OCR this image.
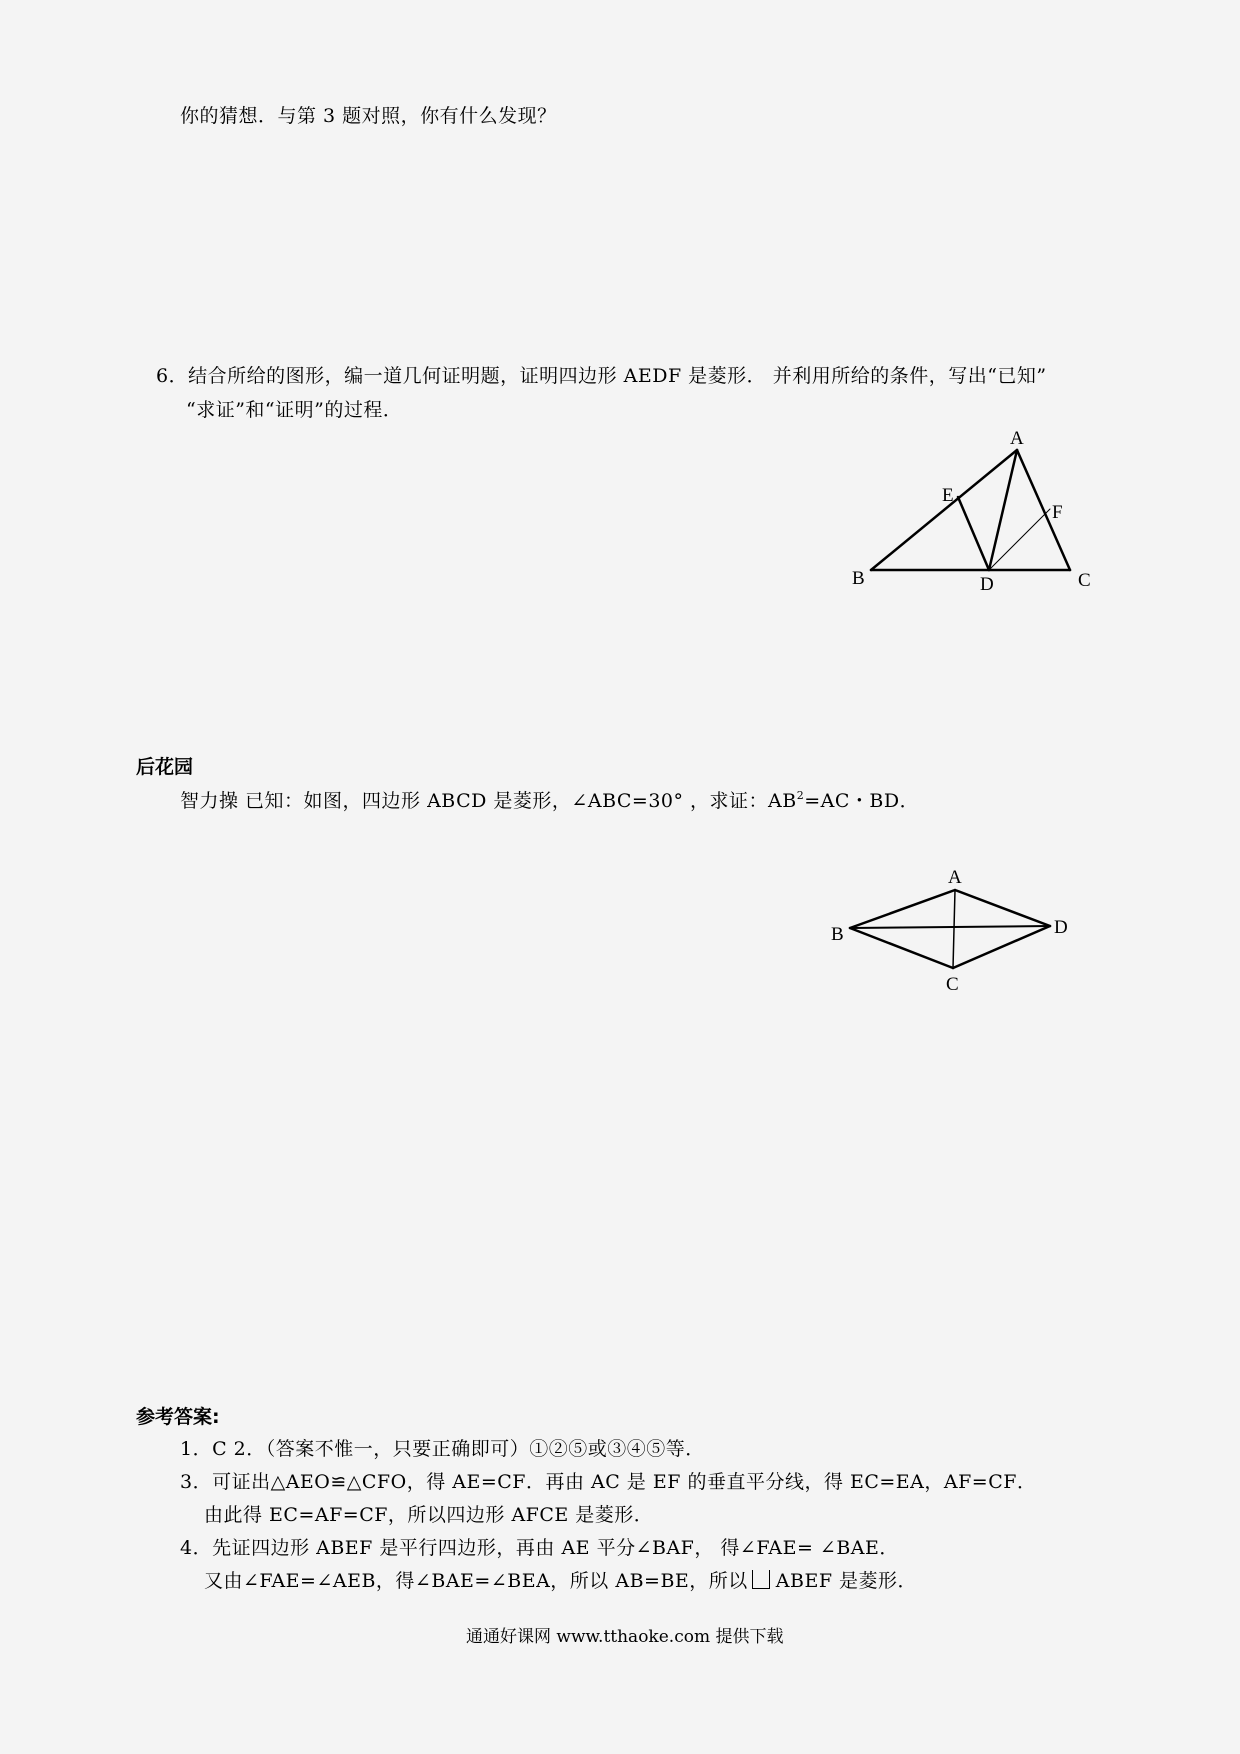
你的猜想．与第 3 题对照，你有什么发现？
6．结合所给的图形，编一道几何证明题，证明四边形 AEDF 是菱形． 并利用所给的条件，写出“已知”
“求证”和“证明”的过程．
A
E
F
B	D	C
后花园
智力操 已知：如图，四边形 ABCD 是菱形，∠ABC=30° ，求证：$AB^2=AC$・BD．
A
B	D
C
参考答案:
1．C 2．（答案不惟一，只要正确即可）①②⑤或③④⑤等．
3．可证出△AEO≌△CFO，得 AE=CF．再由 AC 是 EF 的垂直平分线，得 EC=EA，AF=CF．
由此得 EC=AF=CF，所以四边形 AFCE 是菱形．
4．先证四边形 ABEF 是平行四边形，再由 AE 平分∠BAF， 得∠FAE= ∠BAE．
又由∠FAE=∠AEB，得∠BAE=∠BEA，所以 AB=BE，所以 ABEF 是菱形．
通通好课网 www.tthaoke.com 提供下载
